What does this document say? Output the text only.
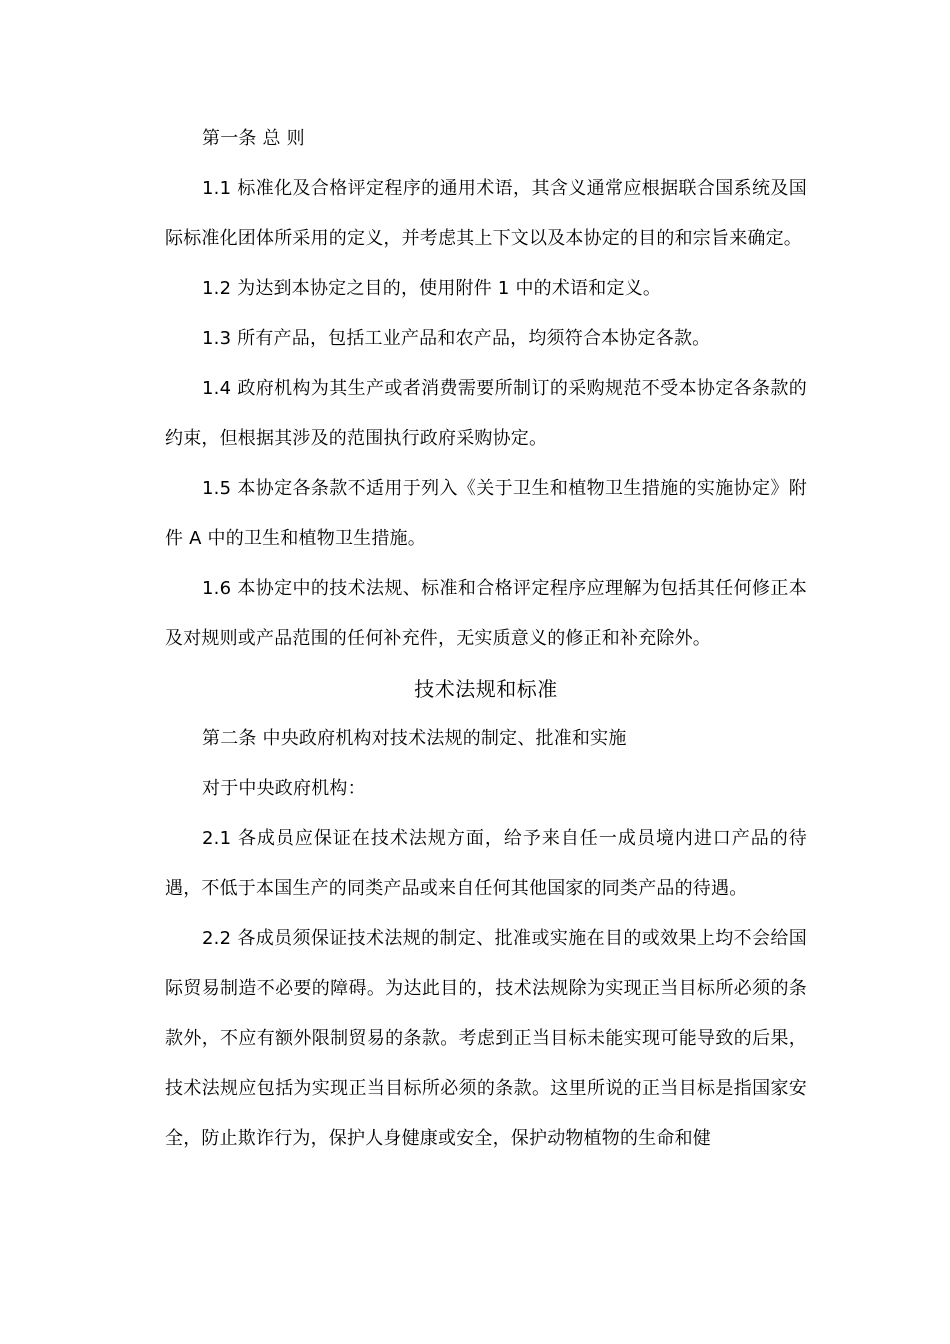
第一条 总 则

1.1 标准化及合格评定程序的通用术语，其含义通常应根据联合国系统及国际标准化团体所采用的定义，并考虑其上下文以及本协定的目的和宗旨来确定。

1.2 为达到本协定之目的，使用附件 1 中的术语和定义。

1.3 所有产品，包括工业产品和农产品，均须符合本协定各款。

1.4 政府机构为其生产或者消费需要所制订的采购规范不受本协定各条款的约束，但根据其涉及的范围执行政府采购协定。

1.5 本协定各条款不适用于列入《关于卫生和植物卫生措施的实施协定》附件 A 中的卫生和植物卫生措施。

1.6 本协定中的技术法规、标准和合格评定程序应理解为包括其任何修正本及对规则或产品范围的任何补充件，无实质意义的修正和补充除外。

技术法规和标准

第二条 中央政府机构对技术法规的制定、批准和实施

对于中央政府机构：

2.1 各成员应保证在技术法规方面，给予来自任一成员境内进口产品的待遇，不低于本国生产的同类产品或来自任何其他国家的同类产品的待遇。

2.2 各成员须保证技术法规的制定、批准或实施在目的或效果上均不会给国际贸易制造不必要的障碍。为达此目的，技术法规除为实现正当目标所必须的条款外，不应有额外限制贸易的条款。考虑到正当目标未能实现可能导致的后果，技术法规应包括为实现正当目标所必须的条款。这里所说的正当目标是指国家安全，防止欺诈行为，保护人身健康或安全，保护动物植物的生命和健
